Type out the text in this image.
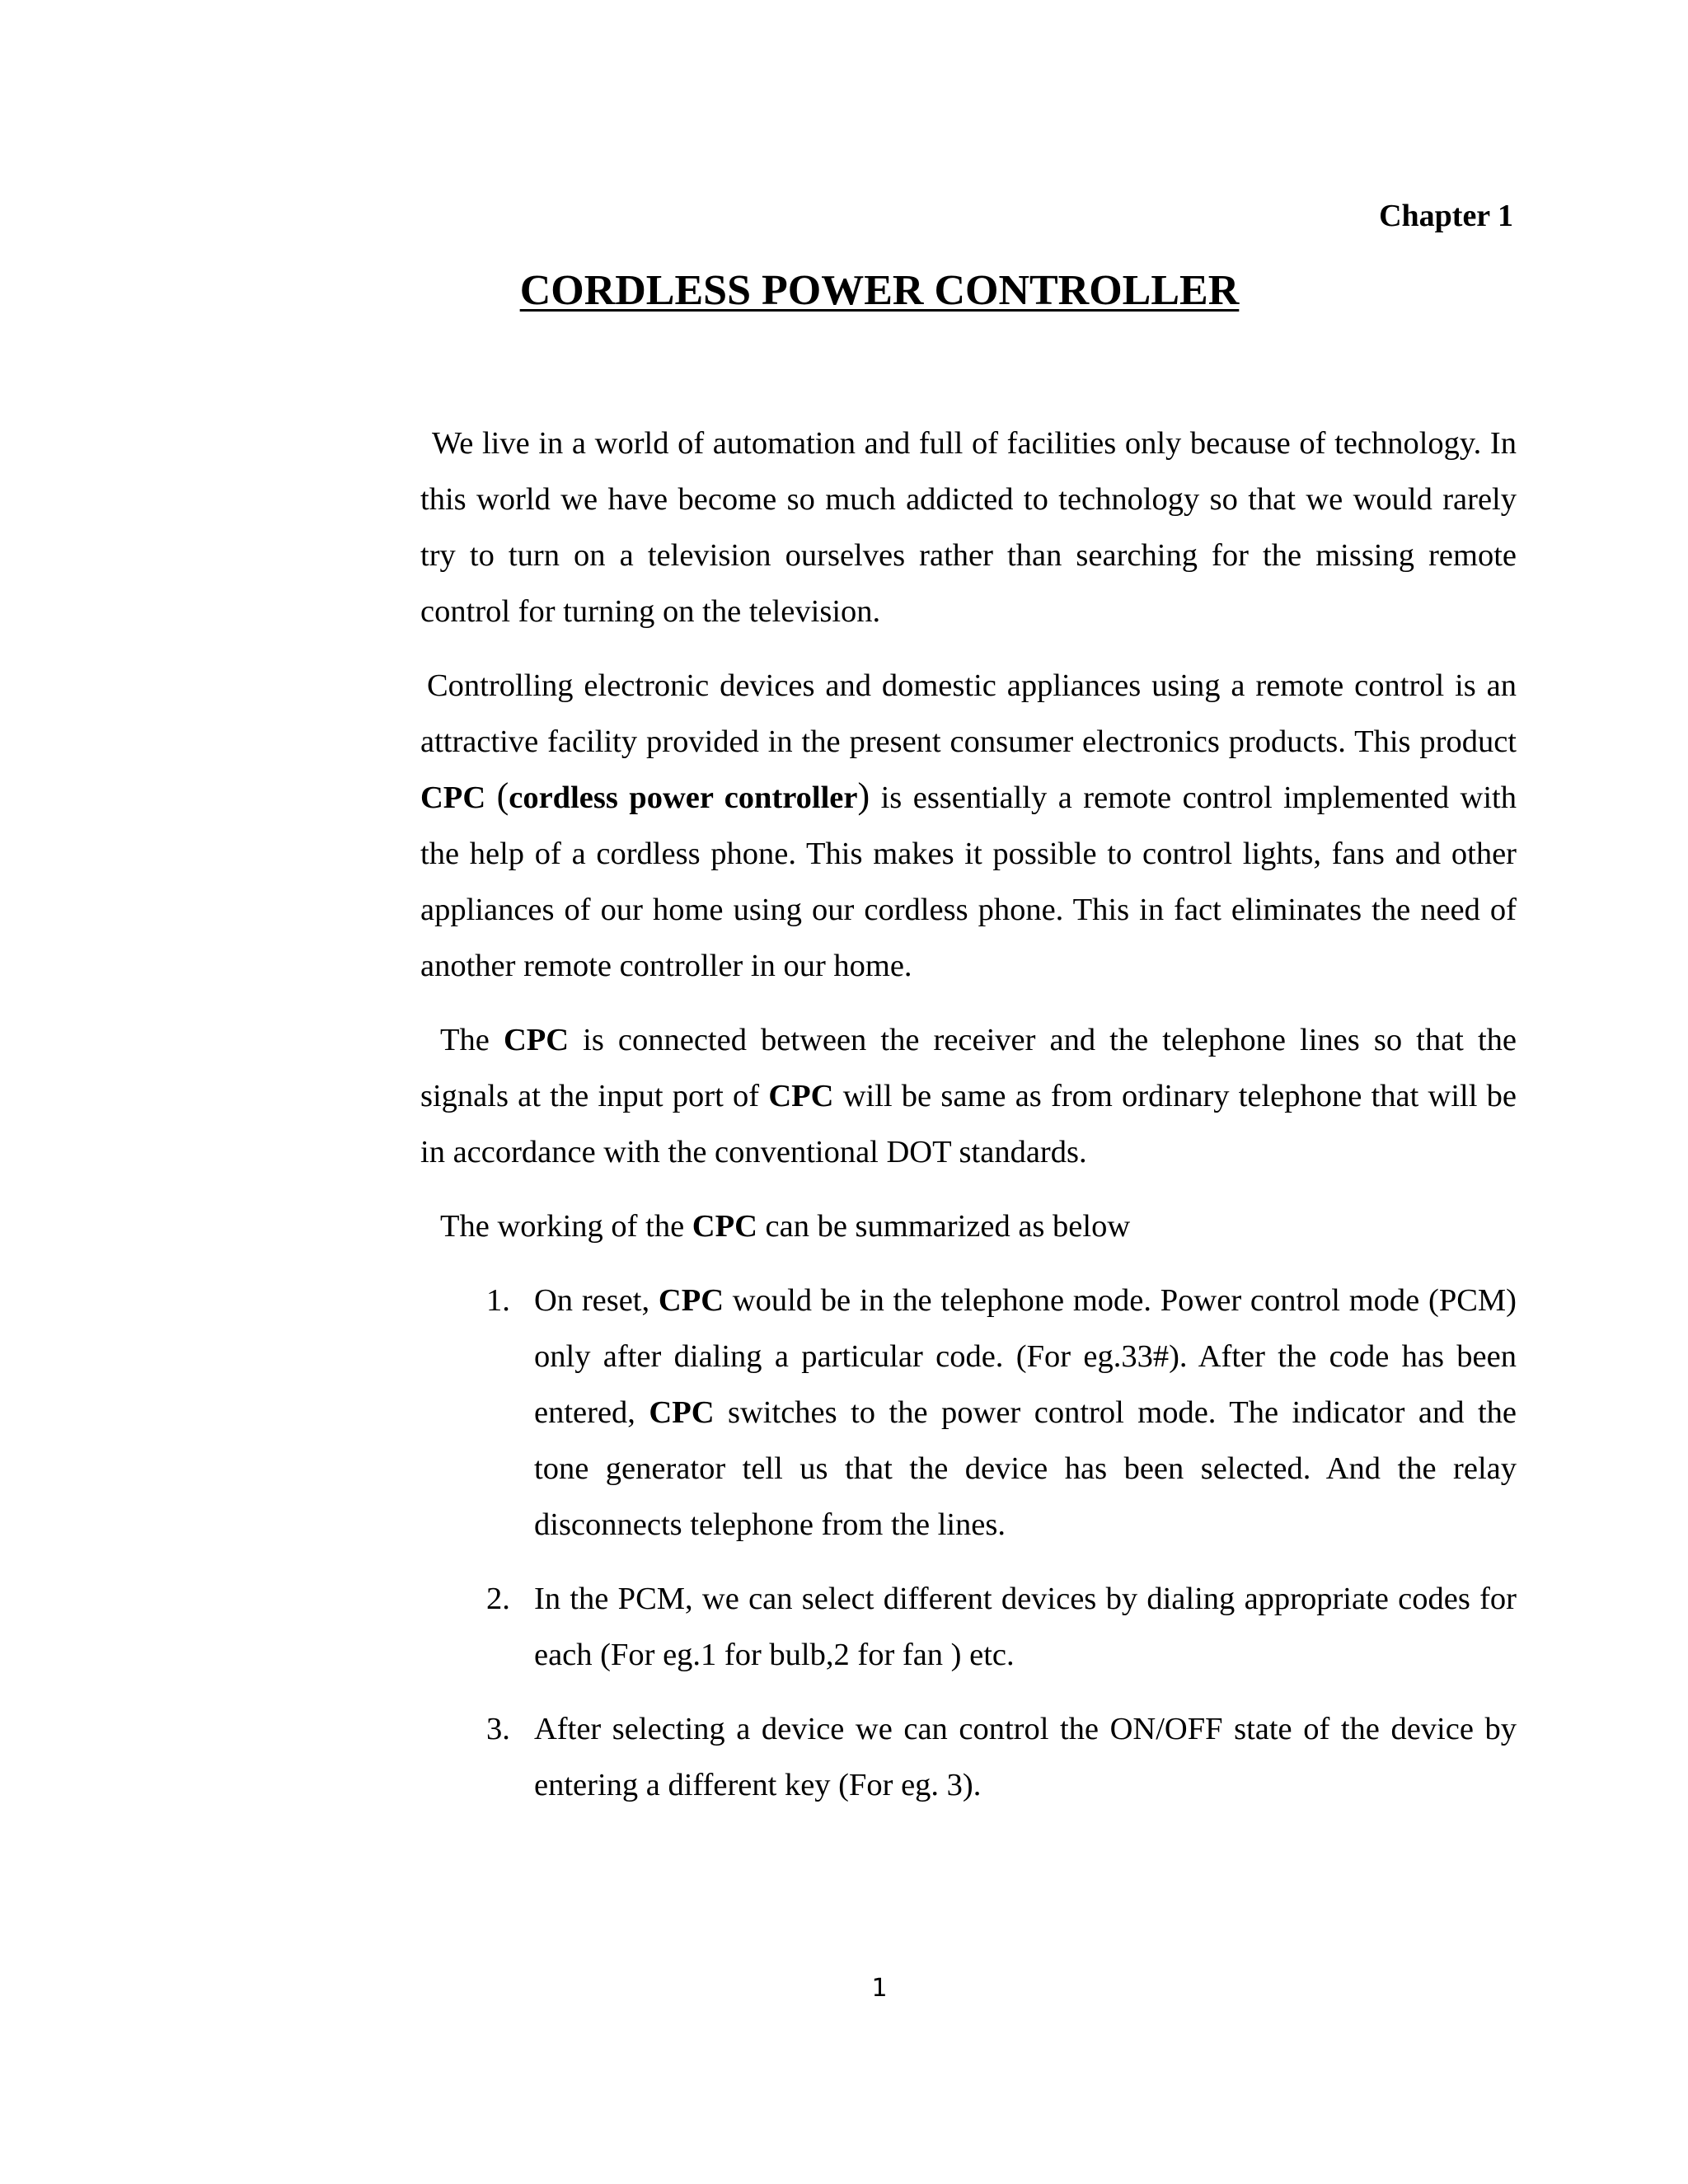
Chapter 1
CORDLESS POWER CONTROLLER

We live in a world of automation and full of facilities only because of technology. In this world we have become so much addicted to technology so that we would rarely try to turn on a television ourselves rather than searching for the missing remote control for turning on the television.

Controlling electronic devices and domestic appliances using a remote control is an attractive facility provided in the present consumer electronics products. This product CPC (cordless power controller) is essentially a remote control implemented with the help of a cordless phone. This makes it possible to control lights, fans and other appliances of our home using our cordless phone. This in fact eliminates the need of another remote controller in our home.

The CPC is connected between the receiver and the telephone lines so that the signals at the input port of CPC will be same as from ordinary telephone that will be in accordance with the conventional DOT standards.

The working of the CPC can be summarized as below

1. On reset, CPC would be in the telephone mode. Power control mode (PCM) only after dialing a particular code. (For eg.33#). After the code has been entered, CPC switches to the power control mode. The indicator and the tone generator tell us that the device has been selected. And the relay disconnects telephone from the lines.
2. In the PCM, we can select different devices by dialing appropriate codes for each (For eg.1 for bulb,2 for fan ) etc.
3. After selecting a device we can control the ON/OFF state of the device by entering a different key (For eg. 3).
1
